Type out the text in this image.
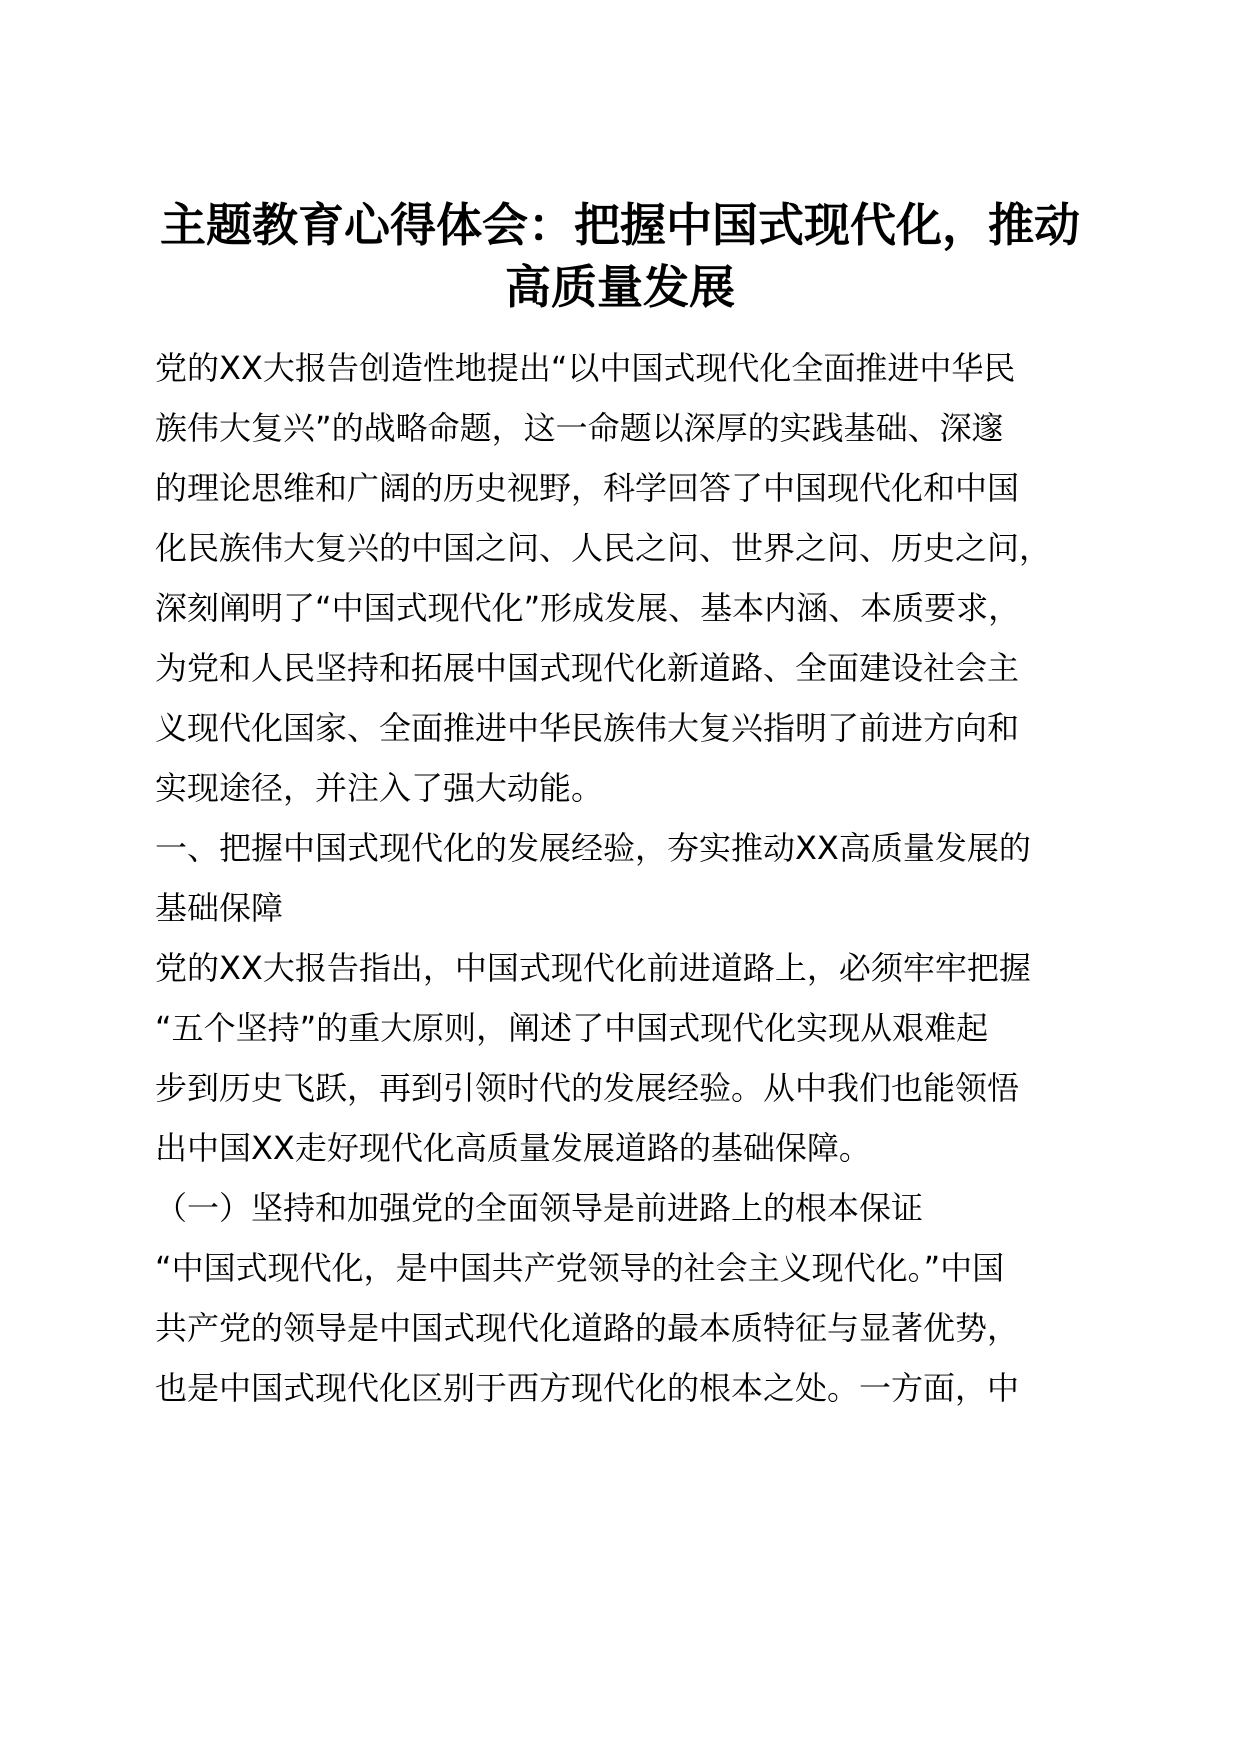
主题教育心得体会：把握中国式现代化，推动
高质量发展
党的XX大报告创造性地提出“以中国式现代化全面推进中华民
族伟大复兴”的战略命题，这一命题以深厚的实践基础、深邃
的理论思维和广阔的历史视野，科学回答了中国现代化和中国
化民族伟大复兴的中国之问、人民之问、世界之问、历史之问，
深刻阐明了“中国式现代化”形成发展、基本内涵、本质要求，
为党和人民坚持和拓展中国式现代化新道路、全面建设社会主
义现代化国家、全面推进中华民族伟大复兴指明了前进方向和
实现途径，并注入了强大动能。
一、把握中国式现代化的发展经验，夯实推动XX高质量发展的
基础保障
党的XX大报告指出，中国式现代化前进道路上，必须牢牢把握
“五个坚持”的重大原则，阐述了中国式现代化实现从艰难起
步到历史飞跃，再到引领时代的发展经验。从中我们也能领悟
出中国XX走好现代化高质量发展道路的基础保障。
（一）坚持和加强党的全面领导是前进路上的根本保证
“中国式现代化，是中国共产党领导的社会主义现代化。”中国
共产党的领导是中国式现代化道路的最本质特征与显著优势，
也是中国式现代化区别于西方现代化的根本之处。一方面，中
